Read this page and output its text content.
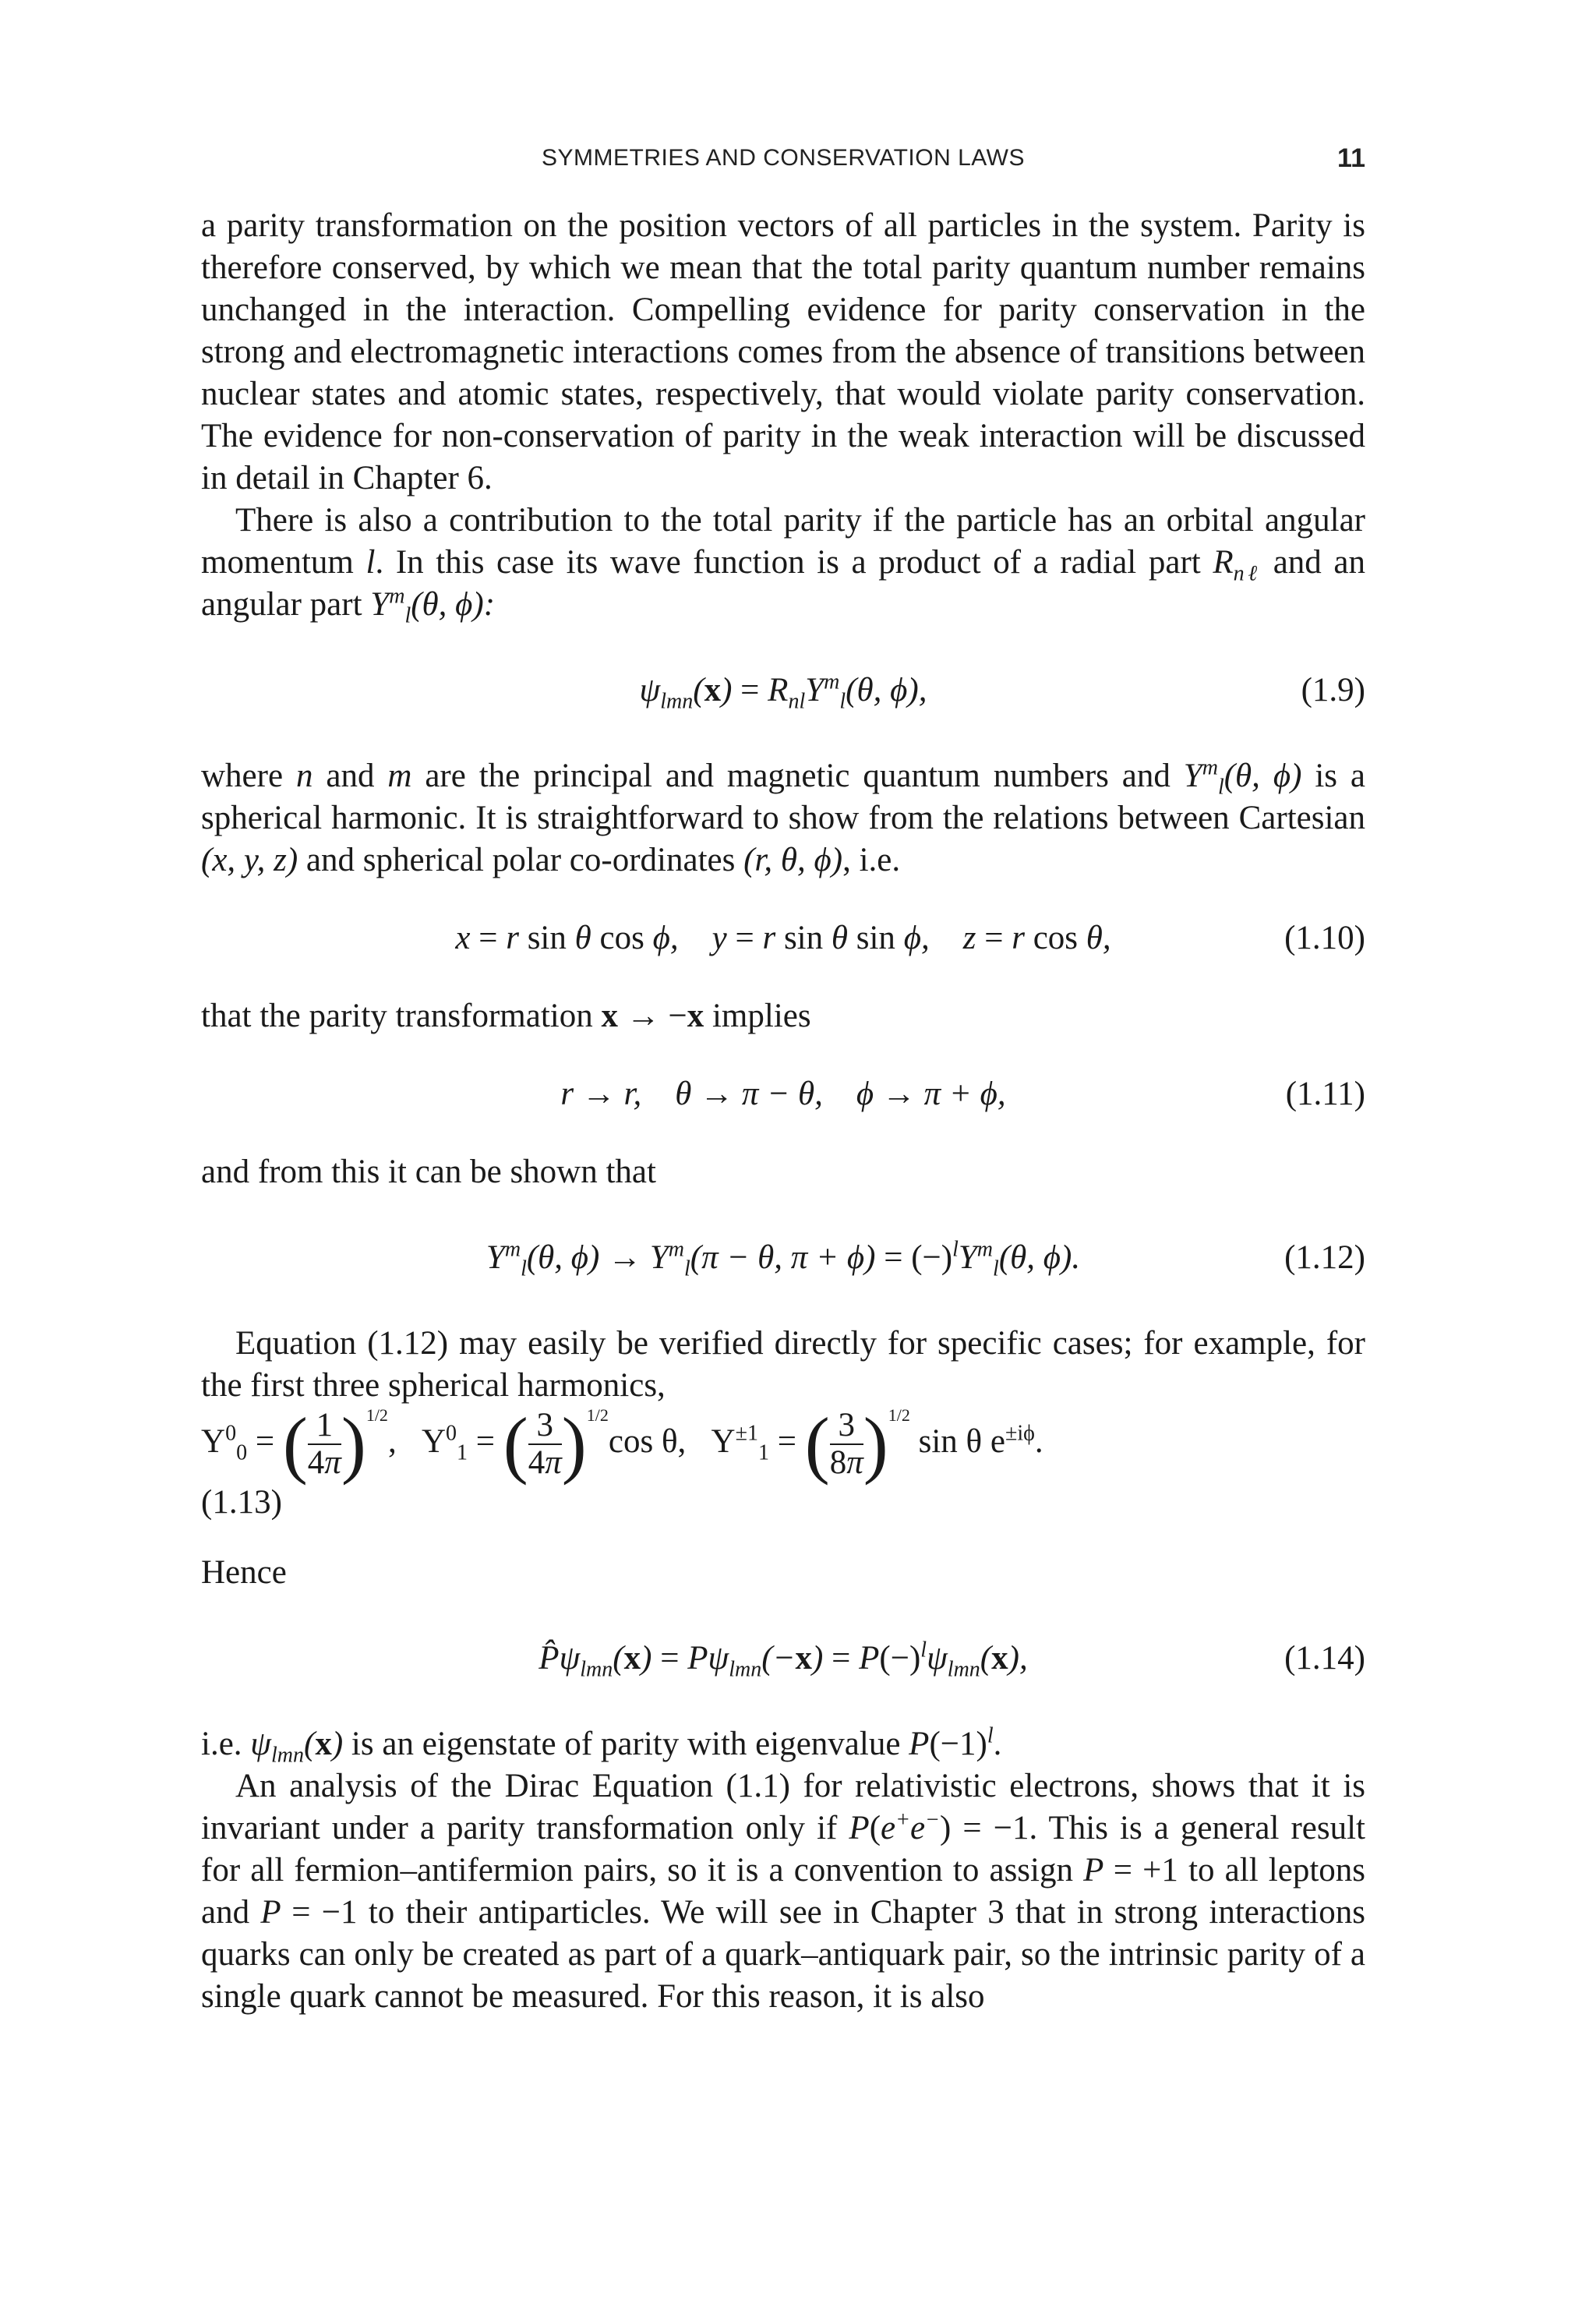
SYMMETRIES AND CONSERVATION LAWS	11

a parity transformation on the position vectors of all particles in the system. Parity is therefore conserved, by which we mean that the total parity quantum number remains unchanged in the interaction. Compelling evidence for parity conservation in the strong and electromagnetic interactions comes from the absence of transitions between nuclear states and atomic states, respectively, that would violate parity conservation. The evidence for non-conservation of parity in the weak interaction will be discussed in detail in Chapter 6.

There is also a contribution to the total parity if the particle has an orbital angular momentum l. In this case its wave function is a product of a radial part $R_{n\ell}$ and an angular part $Y^m_l(\theta$, ϕ):

$\psi_{lmn}(x) = R_{nl}Y^m_l(\theta$, ϕ),	(1.9)

where n and m are the principal and magnetic quantum numbers and $Y^m_l(\theta$, ϕ) is a spherical harmonic. It is straightforward to show from the relations between Cartesian (x, y, z) and spherical polar co-ordinates (r, θ, ϕ), i.e.

x = r sin θ cos ϕ,    y = r sin θ sin ϕ,    z = r cos θ,	(1.10)

that the parity transformation x → −x implies

r → r,    θ → π − θ,    ϕ → π + ϕ,	(1.11)

and from this it can be shown that

$Y^m_l(\theta$, $\phi) \to Y^m_l(\pi - \theta$, $\pi + \phi) = (-)^lY^m_l(\theta$, ϕ).	(1.12)

Equation (1.12) may easily be verified directly for specific cases; for example, for the first three spherical harmonics,

$Y^0_0$ = ( $\frac{1}{4\pi} )^{1/2}$,   $Y^0_1$ = ( $\frac{3}{4\pi} )^{1/2}\cos$ θ,   $Y^{\pm 1}_1$ = ( $\frac{3}{8\pi} )^{1/2}$ sin θ $e^{\pm i\phi}$.
(1.13)

Hence

$P̂\psi_{lmn}(x) = P\psi_{lmn}(-x) = P(-)^l\psi_{lmn}(x)$,	(1.14)

i.e. $\psi_{lmn}(x)$ is an eigenstate of parity with eigenvalue $P(-1)^l$.

An analysis of the Dirac Equation (1.1) for relativistic electrons, shows that it is invariant under a parity transformation only if P(e+e−) = −1. This is a general result for all fermion–antifermion pairs, so it is a convention to assign P = +1 to all leptons and P = −1 to their antiparticles. We will see in Chapter 3 that in strong interactions quarks can only be created as part of a quark–antiquark pair, so the intrinsic parity of a single quark cannot be measured. For this reason, it is also
